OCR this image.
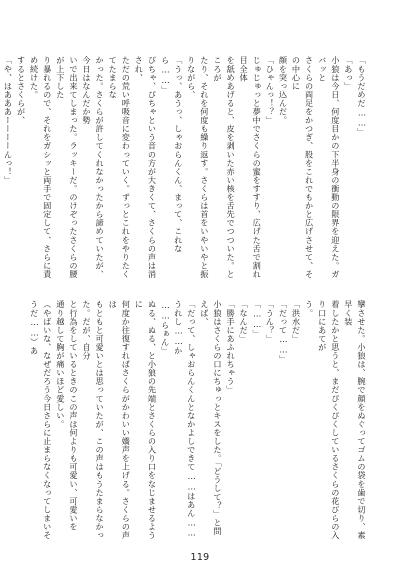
「もうだめだ……」

「あっ」

小狼は今日、何度目かの下半身の衝動の限界を迎えた。ガバッと

さくらの両足をかつぎ、股をこれでもかと広げさせて、その中心に

顔を突っ込んだ。

「ひゃんっ！？」

じゅじゅっと夢中でさくらの蜜をすすり、広げた舌で割れ目全体

を舐めあげると、皮を剥いた赤い核を舌先でつついた。ところが

たり、それを何度も繰り返す。さくらは首をいやいやと振りながら、

「うっ、あうっ、しゃおらんくん、まって、これなら……」

ぴちゃ、ぴちゃという音の方が大きくて、さくらの声は消され、

ただの荒い呼吸音に変わっていく。ずっとこれをやりたくてたまらな

かった。さくらが許してくれなかったから諦めていたが、今日はなんだか勢

いで出来てしまった。ラッキーだ。のけぞったさくらの腰が上下した

り暴れるので、それをガシッと両手で固定して、さらに責め続けた。

するとさくらが、

「や、はあああーーーーんっ！」

攣させた。小狼は、腕で顔をぬぐってゴムの袋を歯で切り、素早く装

着したかと思うと、まだぴくぴくしているさくらの花びらの入り口にあてが

う。

「洪水だ」

「だって……」

「うん？」

「……」

「なんだ」

「勝手にあふれちゃう」

小狼はさくらの口にちゅっとキスをした。「どうして？」と問えば、

「だって、しゃおらんくんとなかよしできて……はあん……うれし……か

……らぁん」

ぬる、ぬる、と小狼の先端とさくらの入り口をなじませるように

何度か往復すればさくらがかわいい嬌声を上げる。さくらの声は

もともと可愛いとは思っていたが、この声はもうたまらなかった。だが、自分

と行為をしているときのこの声は何よりも可愛い、可愛いを

通り越して胸が痛いほど愛しい。

（やばいな、なぜだろう今日さらに止まらなくなってしまいそうだ……）あ

119
